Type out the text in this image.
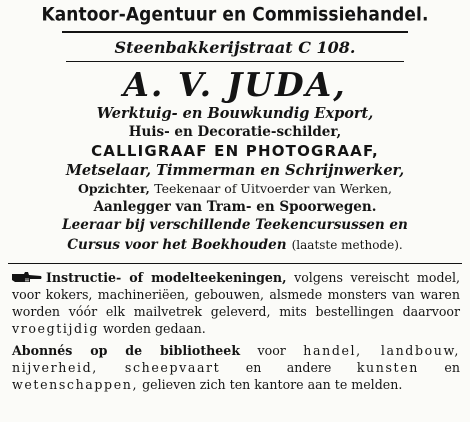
Kantoor-Agentuur en Commissiehandel.
Steenbakkerijstraat C 108.
A. V. JUDA,
Werktuig- en Bouwkundig Export,
Huis- en Decoratie-schilder,
CALLIGRAAF EN PHOTOGRAAF,
Metselaar, Timmerman en Schrijnwerker,
Opzichter, Teekenaar of Uitvoerder van Werken,
Aanlegger van Tram- en Spoorwegen.
Leeraar bij verschillende Teekencursussen en
Cursus voor het Boekhouden (laatste methode).

Instructie- of modelteekeningen, volgens vereischt model, voor kokers, machineriëen, gebouwen, alsmede monsters van waren worden vóór elk mailvetrek geleverd, mits bestellingen daarvoor vroegtijdig worden gedaan.

Abonnés op de bibliotheek voor handel, landbouw, nijverheid, scheepvaart en andere kunsten en wetenschappen, gelieven zich ten kantore aan te melden.
